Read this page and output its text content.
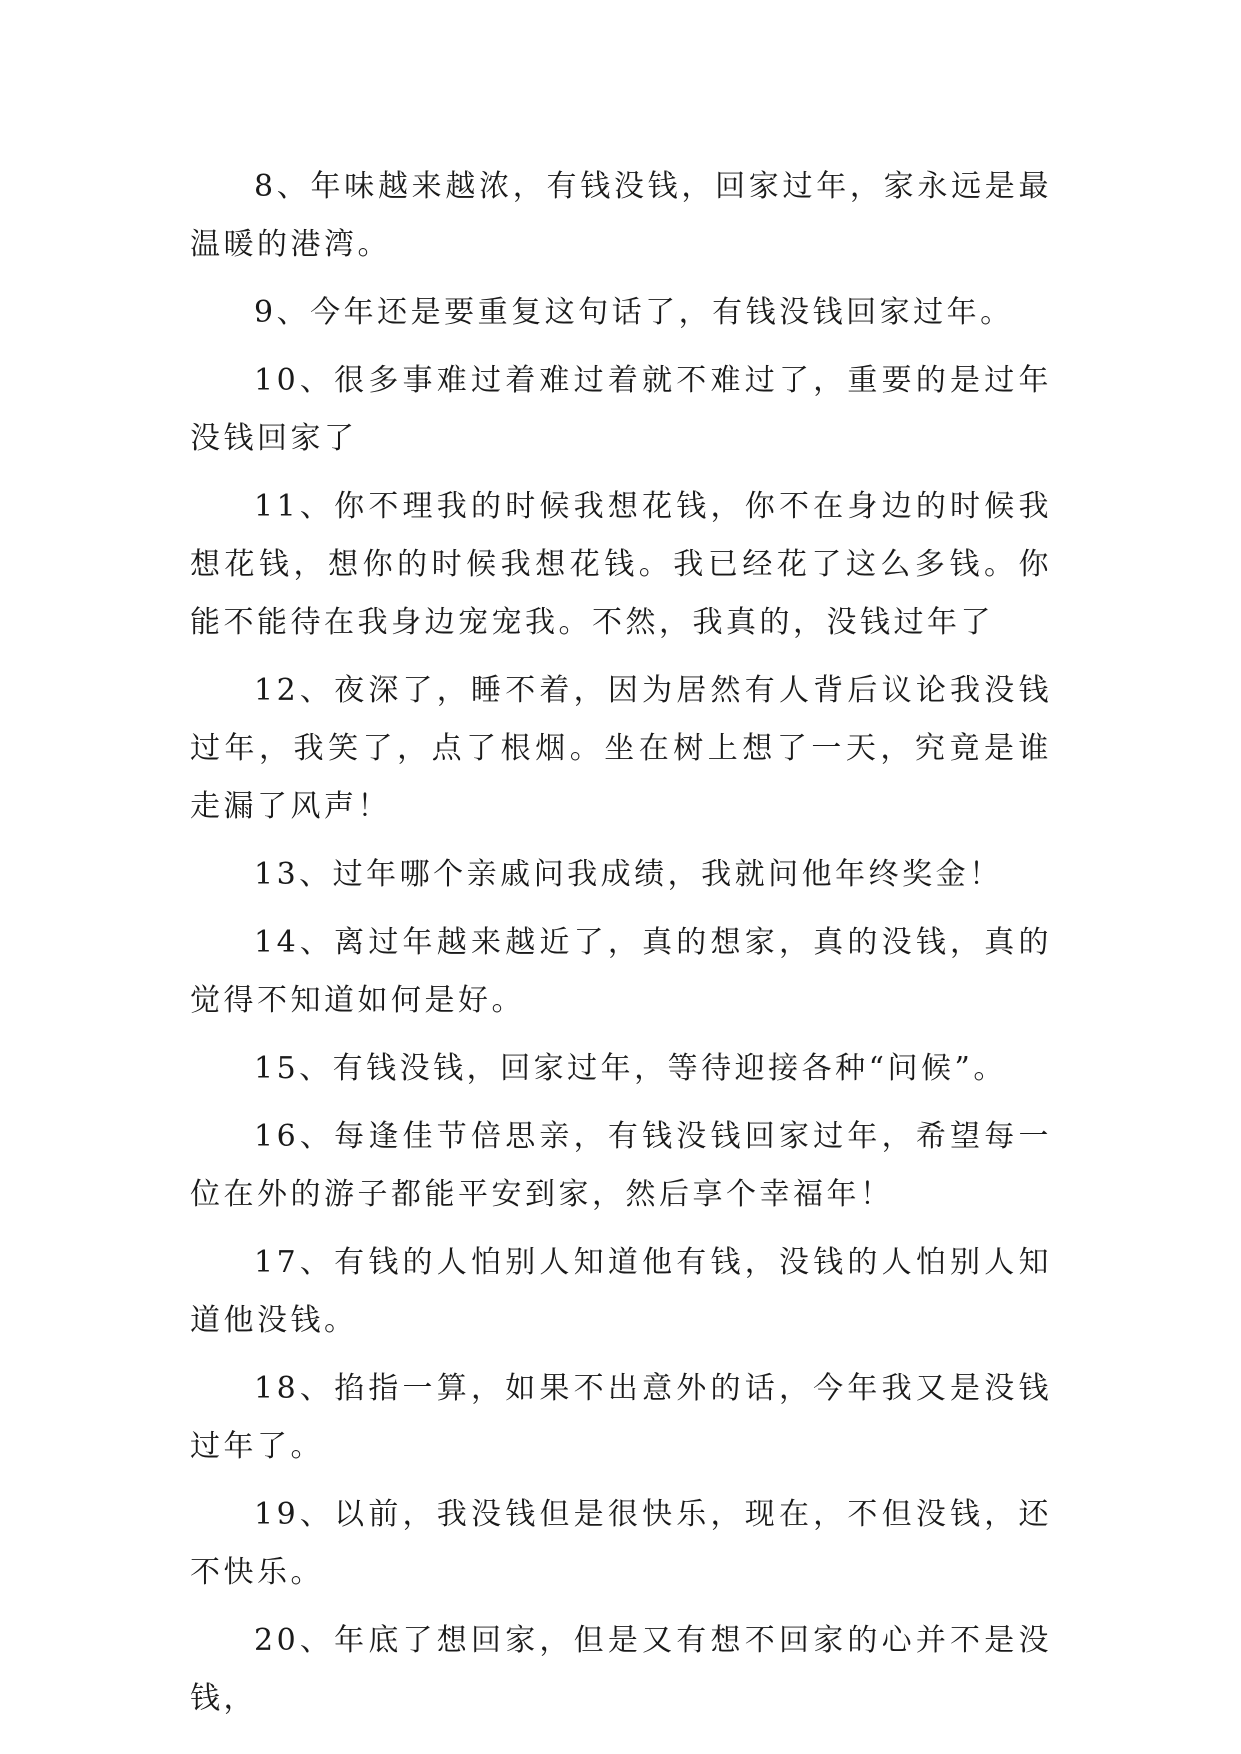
8、年味越来越浓，有钱没钱，回家过年，家永远是最温暖的港湾。

9、今年还是要重复这句话了，有钱没钱回家过年。

10、很多事难过着难过着就不难过了，重要的是过年没钱回家了

11、你不理我的时候我想花钱，你不在身边的时候我想花钱，想你的时候我想花钱。我已经花了这么多钱。你能不能待在我身边宠宠我。不然，我真的，没钱过年了

12、夜深了，睡不着，因为居然有人背后议论我没钱过年，我笑了，点了根烟。坐在树上想了一天，究竟是谁走漏了风声！

13、过年哪个亲戚问我成绩，我就问他年终奖金！

14、离过年越来越近了，真的想家，真的没钱，真的觉得不知道如何是好。

15、有钱没钱，回家过年，等待迎接各种“问候”。

16、每逢佳节倍思亲，有钱没钱回家过年，希望每一位在外的游子都能平安到家，然后享个幸福年！

17、有钱的人怕别人知道他有钱，没钱的人怕别人知道他没钱。

18、掐指一算，如果不出意外的话，今年我又是没钱过年了。

19、以前，我没钱但是很快乐，现在，不但没钱，还不快乐。

20、年底了想回家，但是又有想不回家的心并不是没钱，
